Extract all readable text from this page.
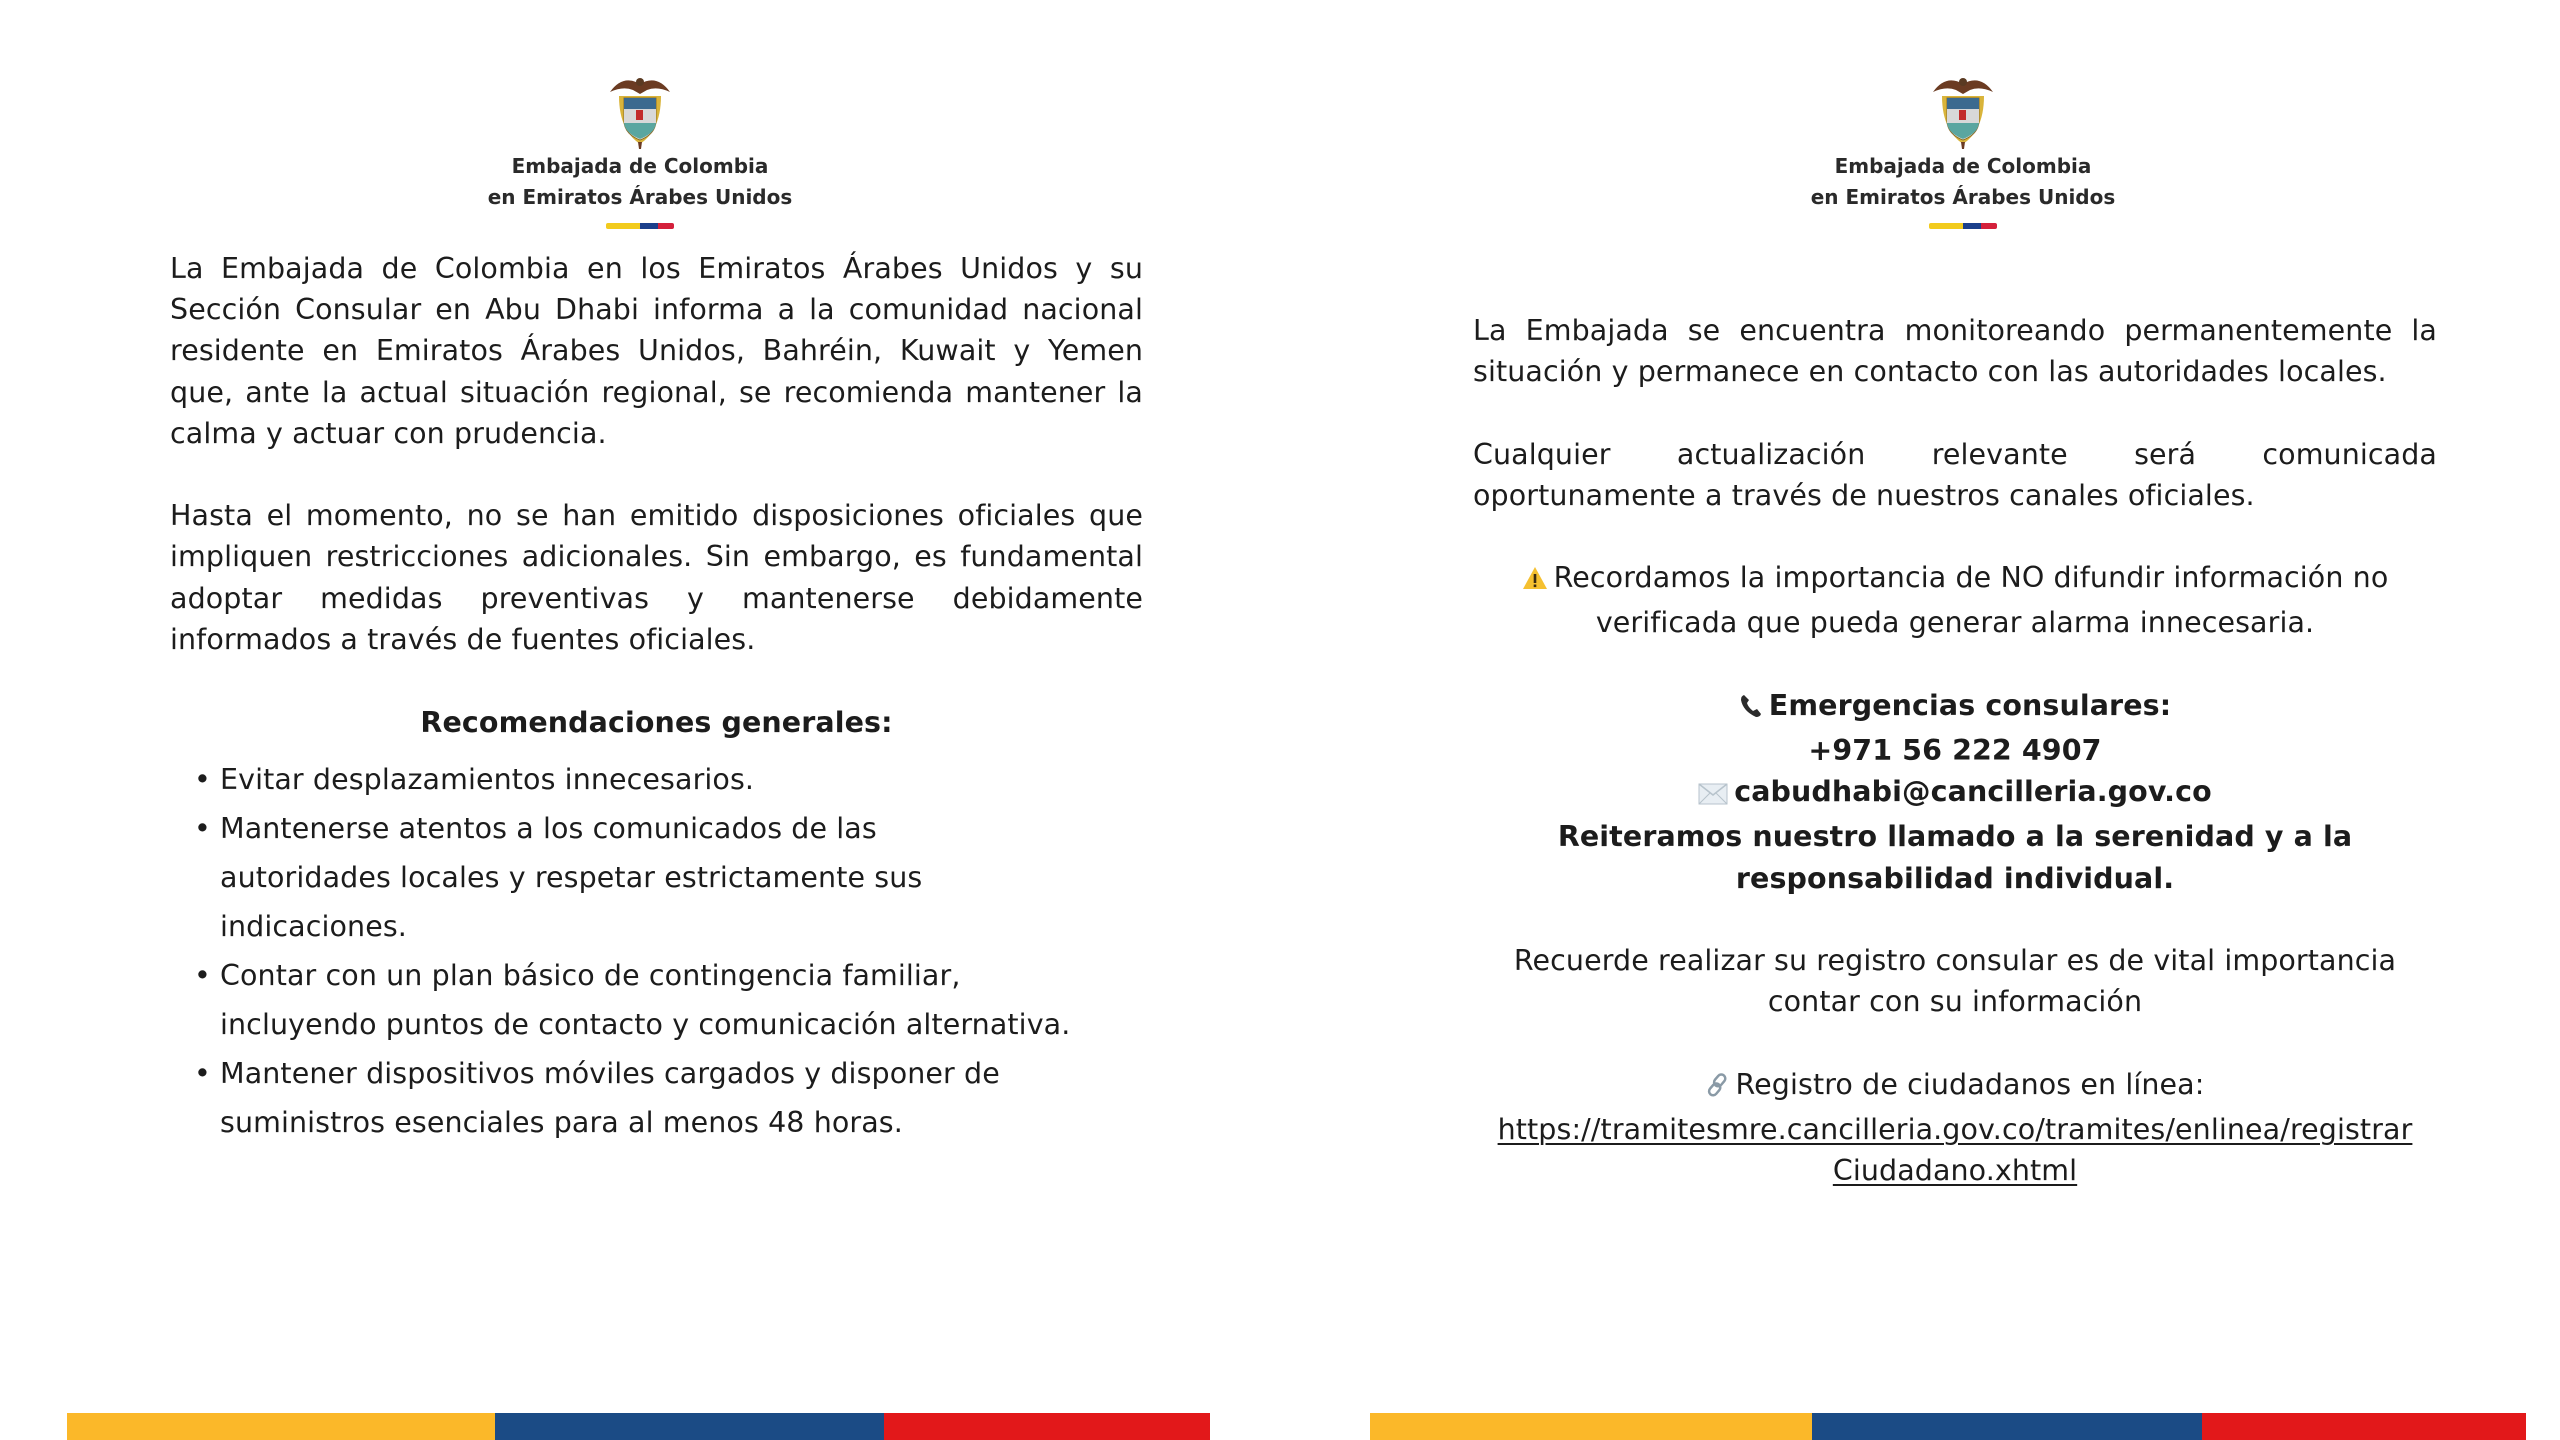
Embajada de Colombia
en Emiratos Árabes Unidos

La Embajada de Colombia en los Emiratos Árabes Unidos y su Sección Consular en Abu Dhabi informa a la comunidad nacional residente en Emiratos Árabes Unidos, Bahréin, Kuwait y Yemen que, ante la actual situación regional, se recomienda mantener la calma y actuar con prudencia.

Hasta el momento, no se han emitido disposiciones oficiales que impliquen restricciones adicionales. Sin embargo, es fundamental adoptar medidas preventivas y mantenerse debidamente informados a través de fuentes oficiales.

Recomendaciones generales:

• Evitar desplazamientos innecesarios.
• Mantenerse atentos a los comunicados de las autoridades locales y respetar estrictamente sus indicaciones.
• Contar con un plan básico de contingencia familiar, incluyendo puntos de contacto y comunicación alternativa.
• Mantener dispositivos móviles cargados y disponer de suministros esenciales para al menos 48 horas.
Embajada de Colombia
en Emiratos Árabes Unidos

La Embajada se encuentra monitoreando permanentemente la situación y permanece en contacto con las autoridades locales.

Cualquier actualización relevante será comunicada oportunamente a través de nuestros canales oficiales.

Recordamos la importancia de NO difundir información no verificada que pueda generar alarma innecesaria.

Emergencias consulares:

+971 56 222 4907

cabudhabi@cancilleria.gov.co

Reiteramos nuestro llamado a la serenidad y a la responsabilidad individual.

Recuerde realizar su registro consular es de vital importancia contar con su información

Registro de ciudadanos en línea:

https://tramitesmre.cancilleria.gov.co/tramites/enlinea/registrar
Ciudadano.xhtml
